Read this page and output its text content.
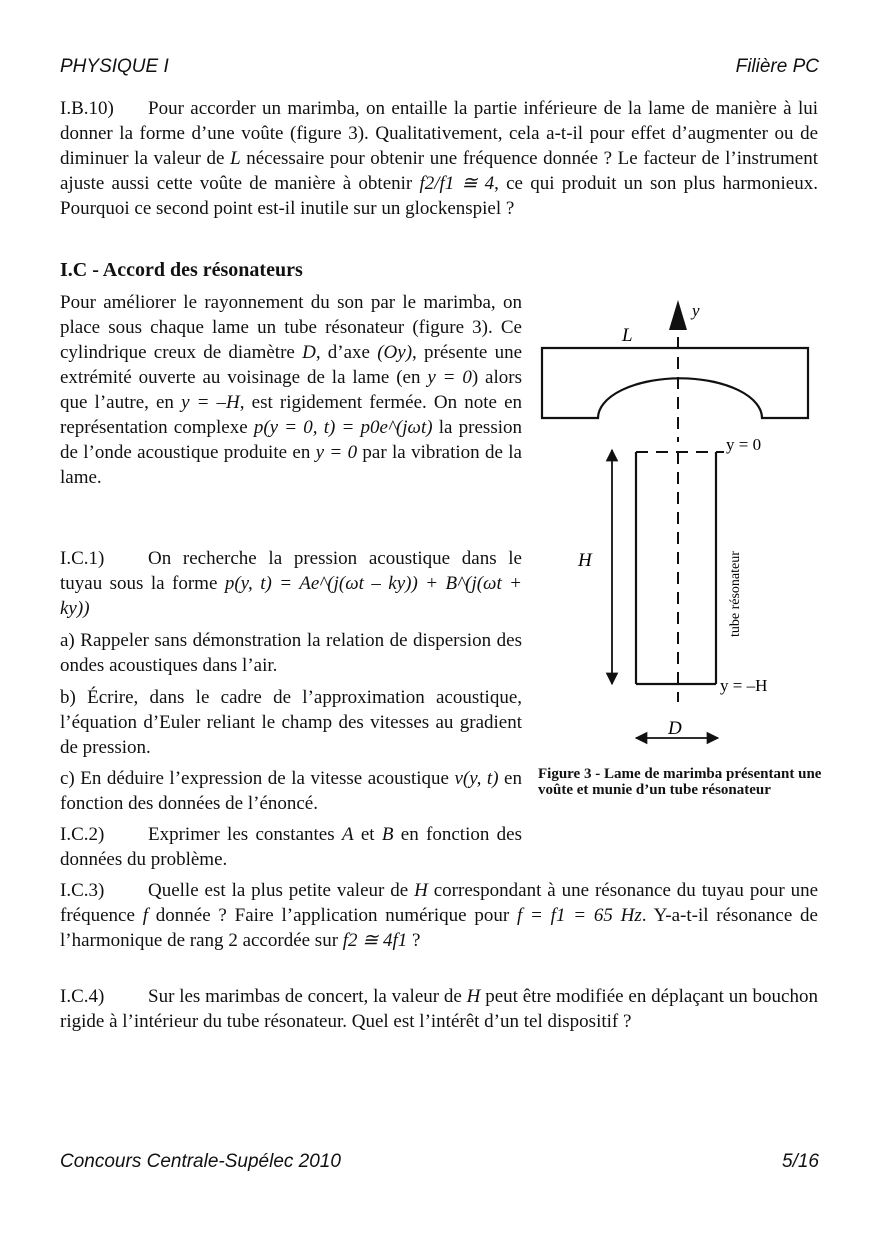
PHYSIQUE I	Filière PC
I.B.10) Pour accorder un marimba, on entaille la partie inférieure de la lame de manière à lui donner la forme d’une voûte (figure 3). Qualitativement, cela a-t-il pour effet d’augmenter ou de diminuer la valeur de L nécessaire pour obtenir une fréquence donnée ? Le facteur de l’instrument ajuste aussi cette voûte de manière à obtenir f2/f1 ≅ 4, ce qui produit un son plus harmonieux. Pourquoi ce second point est-il inutile sur un glockenspiel ?
I.C - Accord des résonateurs
Pour améliorer le rayonnement du son par le marimba, on place sous chaque lame un tube résonateur (figure 3). Ce cylindrique creux de diamètre D, d’axe (Oy), présente une extrémité ouverte au voisinage de la lame (en y = 0) alors que l’autre, en y = –H, est rigidement fermée. On note en représentation complexe p(y = 0, t) = p0e^(jωt) la pression de l’onde acoustique produite en y = 0 par la vibration de la lame.
I.C.1) On recherche la pression acoustique dans le tuyau sous la forme p(y, t) = Ae^(j(ωt – ky)) + B^(j(ωt + ky))
a) Rappeler sans démonstration la relation de dispersion des ondes acoustiques dans l’air.
b) Écrire, dans le cadre de l’approximation acoustique, l’équation d’Euler reliant le champ des vitesses au gradient de pression.
c) En déduire l’expression de la vitesse acoustique v(y, t) en fonction des données de l’énoncé.
I.C.2) Exprimer les constantes A et B en fonction des données du problème.
I.C.3) Quelle est la plus petite valeur de H correspondant à une résonance du tuyau pour une fréquence f donnée ? Faire l’application numérique pour f = f1 = 65 Hz. Y-a-t-il résonance de l’harmonique de rang 2 accordée sur f2 ≅ 4f1 ?
I.C.4) Sur les marimbas de concert, la valeur de H peut être modifiée en déplaçant un bouchon rigide à l’intérieur du tube résonateur. Quel est l’intérêt d’un tel dispositif ?
y
L
y = 0
y = –H
H	tube résonateur
D
Figure 3 - Lame de marimba présentant une voûte et munie d’un tube résonateur
Concours Centrale-Supélec 2010	5/16
